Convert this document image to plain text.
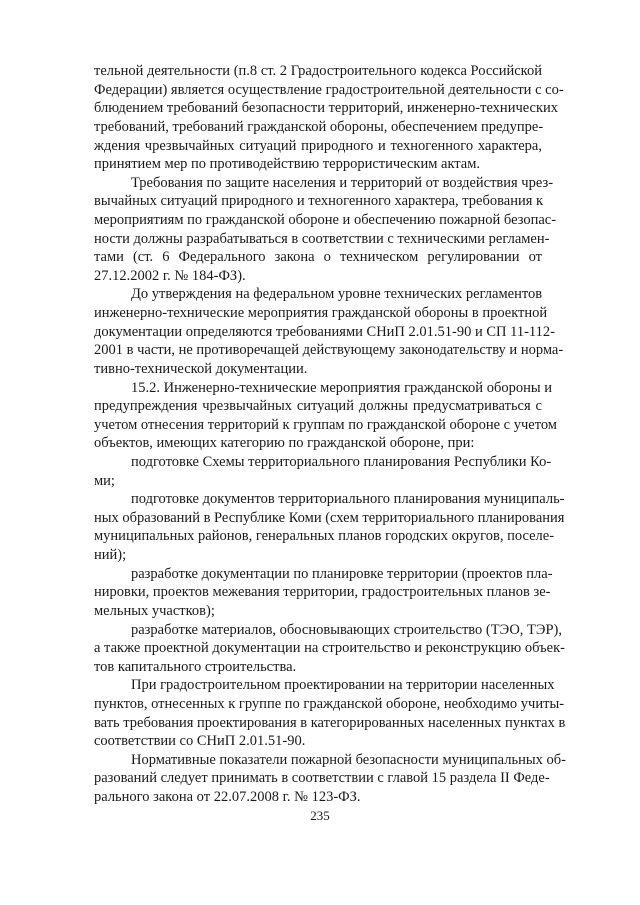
тельной деятельности (п.8 ст. 2 Градостроительного кодекса Российской
Федерации) является осуществление градостроительной деятельности с со-
блюдением требований безопасности территорий, инженерно-технических
требований, требований гражданской обороны, обеспечением предупре-
ждения чрезвычайных ситуаций природного и техногенного характера,
принятием мер по противодействию террористическим актам.
Требования по защите населения и территорий от воздействия чрез-
вычайных ситуаций природного и техногенного характера, требования к
мероприятиям по гражданской обороне и обеспечению пожарной безопас-
ности должны разрабатываться в соответствии с техническими регламен-
тами (ст. 6 Федерального закона о техническом регулировании от
27.12.2002 г. № 184-ФЗ).
До утверждения на федеральном уровне технических регламентов
инженерно-технические мероприятия гражданской обороны в проектной
документации определяются требованиями СНиП 2.01.51-90 и СП 11-112-
2001 в части, не противоречащей действующему законодательству и норма-
тивно-технической документации.
15.2. Инженерно-технические мероприятия гражданской обороны и
предупреждения чрезвычайных ситуаций должны предусматриваться с
учетом отнесения территорий к группам по гражданской обороне с учетом
объектов, имеющих категорию по гражданской обороне, при:
подготовке Схемы территориального планирования Республики Ко-
ми;
подготовке документов территориального планирования муниципаль-
ных образований в Республике Коми (схем территориального планирования
муниципальных районов, генеральных планов городских округов, поселе-
ний);
разработке документации по планировке территории (проектов пла-
нировки, проектов межевания территории, градостроительных планов зе-
мельных участков);
разработке материалов, обосновывающих строительство (ТЭО, ТЭР),
а также проектной документации на строительство и реконструкцию объек-
тов капитального строительства.
При градостроительном проектировании на территории населенных
пунктов, отнесенных к группе по гражданской обороне, необходимо учиты-
вать требования проектирования в категорированных населенных пунктах в
соответствии со СНиП 2.01.51-90.
Нормативные показатели пожарной безопасности муниципальных об-
разований следует принимать в соответствии с главой 15 раздела II Феде-
рального закона от 22.07.2008 г. № 123-ФЗ.
235
